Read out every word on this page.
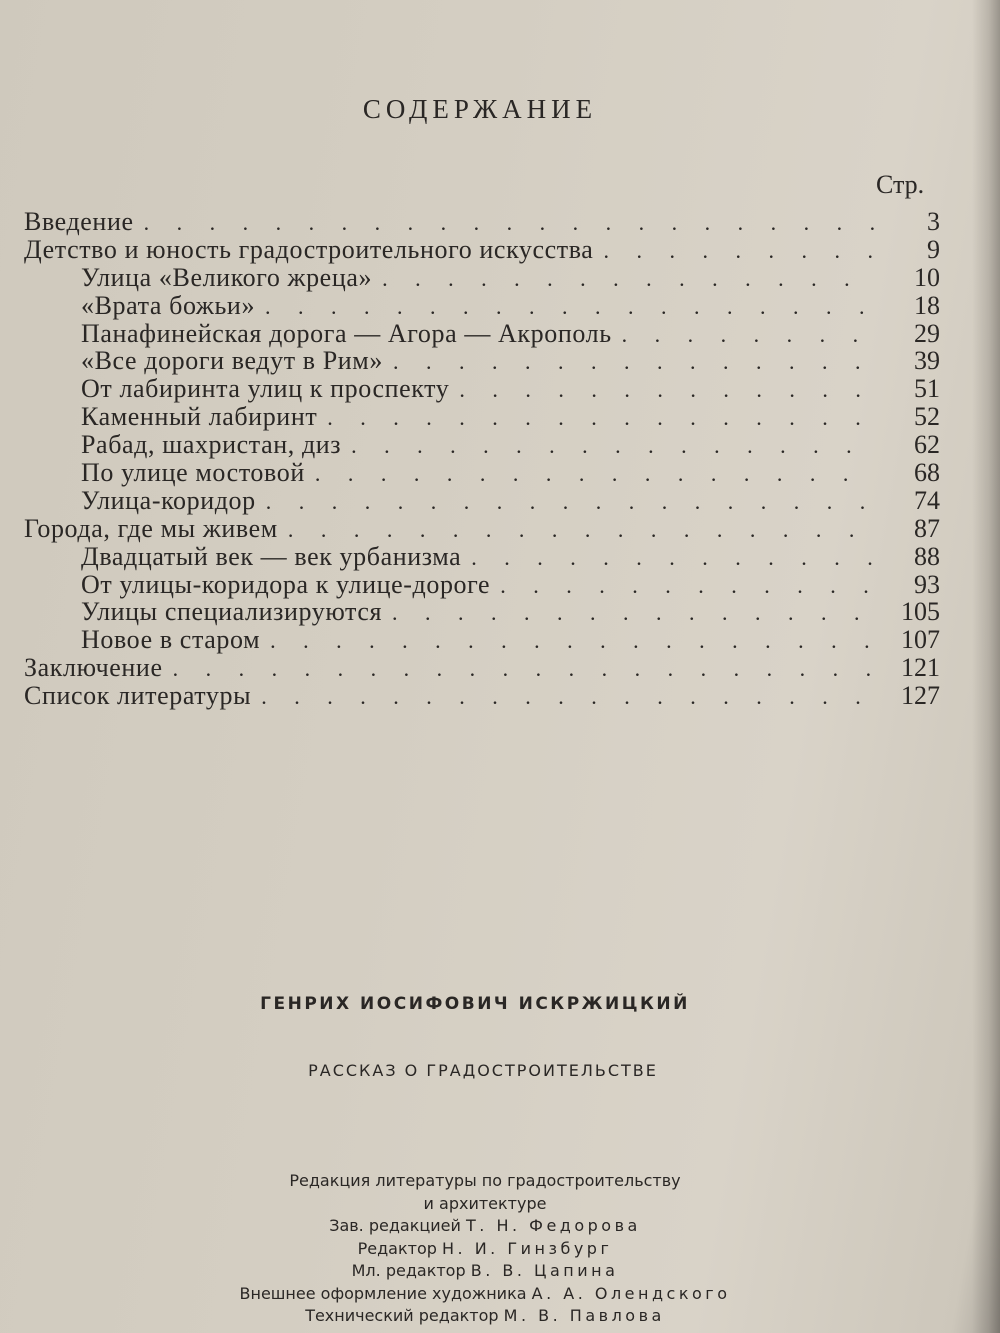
СОДЕРЖАНИЕ
Стр.
Введение . . .	3
Детство и юность градостроительного искусства . . .	9
Улица «Великого жреца» . . .	10
«Врата божьи» . . .	18
Панафинейская дорога — Агора — Акрополь . . .	29
«Все дороги ведут в Рим» . . .	39
От лабиринта улиц к проспекту . . .	51
Каменный лабиринт . . .	52
Рабад, шахристан, диз . . .	62
По улице мостовой . . .	68
Улица-коридор . . .	74
Города, где мы живем . . .	87
Двадцатый век — век урбанизма . . .	88
От улицы-коридора к улице-дороге . . .	93
Улицы специализируются . . .	105
Новое в старом . . .	107
Заключение . . .	121
Список литературы . . .	127
ГЕНРИХ ИОСИФОВИЧ ИСКРЖИЦКИЙ
РАССКАЗ О ГРАДОСТРОИТЕЛЬСТВЕ
Редакция литературы по градостроительству
и архитектуре
Зав. редакцией Т. Н. Федорова
Редактор Н. И. Гинзбург
Мл. редактор В. В. Цапина
Внешнее оформление художника А. А. Олендского
Технический редактор М. В. Павлова
